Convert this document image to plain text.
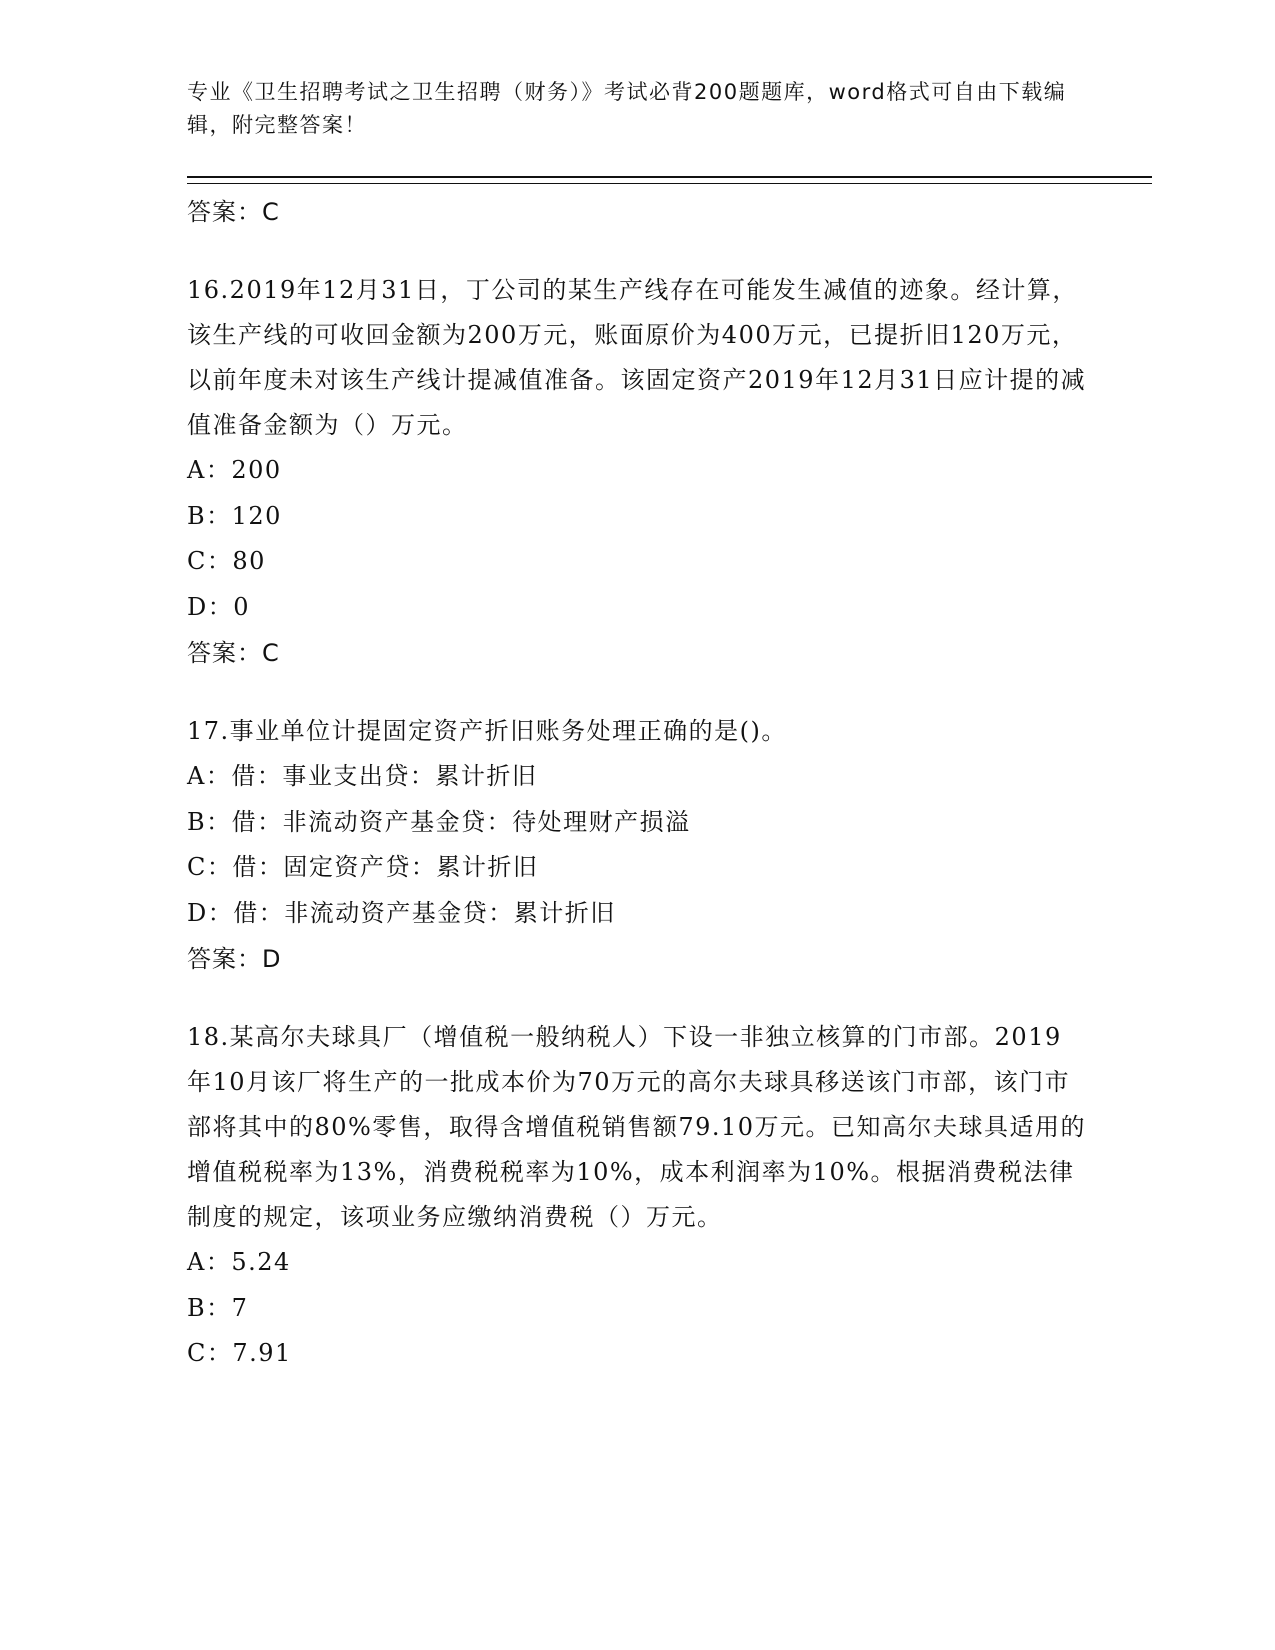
专业《卫生招聘考试之卫生招聘（财务）》考试必背200题题库，word格式可自由下载编辑，附完整答案！
答案：C
16.2019年12月31日，丁公司的某生产线存在可能发生减值的迹象。经计算，该生产线的可收回金额为200万元，账面原价为400万元，已提折旧120万元，以前年度未对该生产线计提减值准备。该固定资产2019年12月31日应计提的减值准备金额为（）万元。
A：200
B：120
C：80
D：0
答案：C
17.事业单位计提固定资产折旧账务处理正确的是()。
A：借：事业支出贷：累计折旧
B：借：非流动资产基金贷：待处理财产损溢
C：借：固定资产贷：累计折旧
D：借：非流动资产基金贷：累计折旧
答案：D
18.某高尔夫球具厂（增值税一般纳税人）下设一非独立核算的门市部。2019年10月该厂将生产的一批成本价为70万元的高尔夫球具移送该门市部，该门市部将其中的80%零售，取得含增值税销售额79.10万元。已知高尔夫球具适用的增值税税率为13%，消费税税率为10%，成本利润率为10%。根据消费税法律制度的规定，该项业务应缴纳消费税（）万元。
A：5.24
B：7
C：7.91
